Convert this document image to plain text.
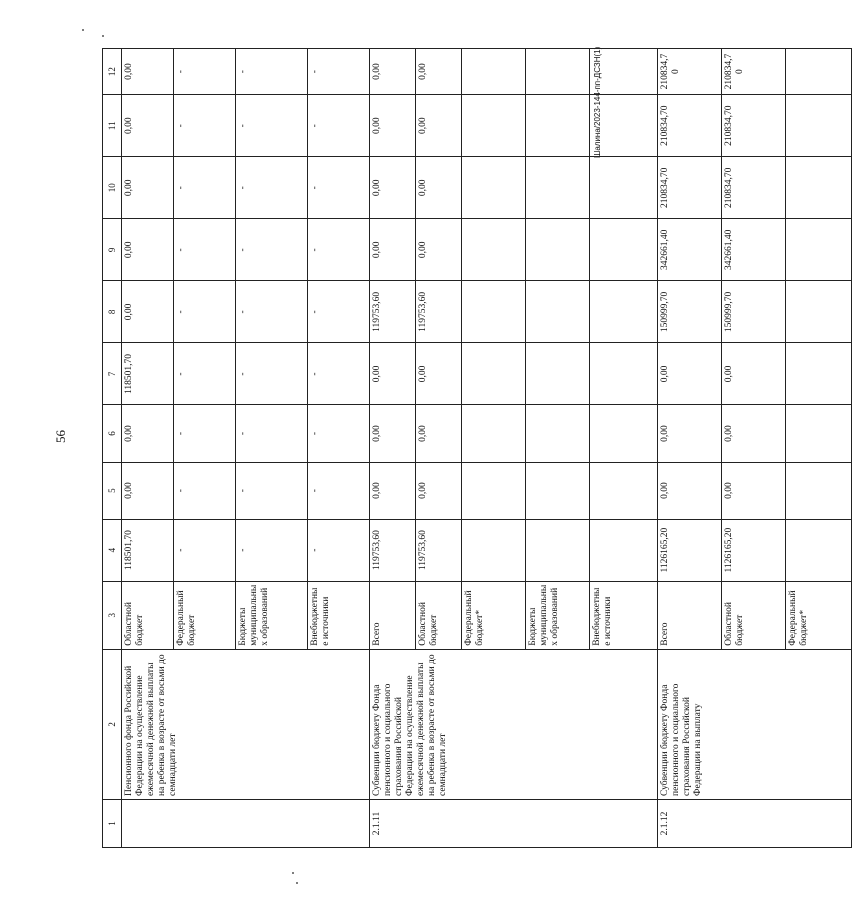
56
Шалина/2023-144-пп-ДСЗН(1)
1	2	3	4	5	6	7	8	9	10	11	12
	Пенсионного фонда Российской Федерации на осуществление ежемесячной денежной выплаты на ребенка в возрасте от восьми до семнадцати лет	Областной бюджет	118501,70	0,00	0,00	118501,70	0,00	0,00	0,00	0,00	0,00
		Федеральный бюджет	-	-	-	-	-	-	-	-	-
		Бюджеты муниципальных образований	-	-	-	-	-	-	-	-	-
		Внебюджетные источники	-	-	-	-	-	-	-	-	-
2.1.11	Субвенции бюджету Фонда пенсионного и социального страхования Российской Федерации на осуществление ежемесячной денежной выплаты на ребенка в возрасте от восьми до семнадцати лет	Всего	119753,60	0,00	0,00	0,00	119753,60	0,00	0,00	0,00	0,00
		Областной бюджет	119753,60	0,00	0,00	0,00	119753,60	0,00	0,00	0,00	0,00
		Федеральный бюджет*									
		Бюджеты муниципальных образований									
		Внебюджетные источники									
2.1.12	Субвенции бюджету Фонда пенсионного и социального страхования Российской Федерации на выплату	Всего	1126165,20	0,00	0,00	0,00	150999,70	342661,40	210834,70	210834,70	210834,70
		Областной бюджет	1126165,20	0,00	0,00	0,00	150999,70	342661,40	210834,70	210834,70	210834,70
		Федеральный бюджет*									
